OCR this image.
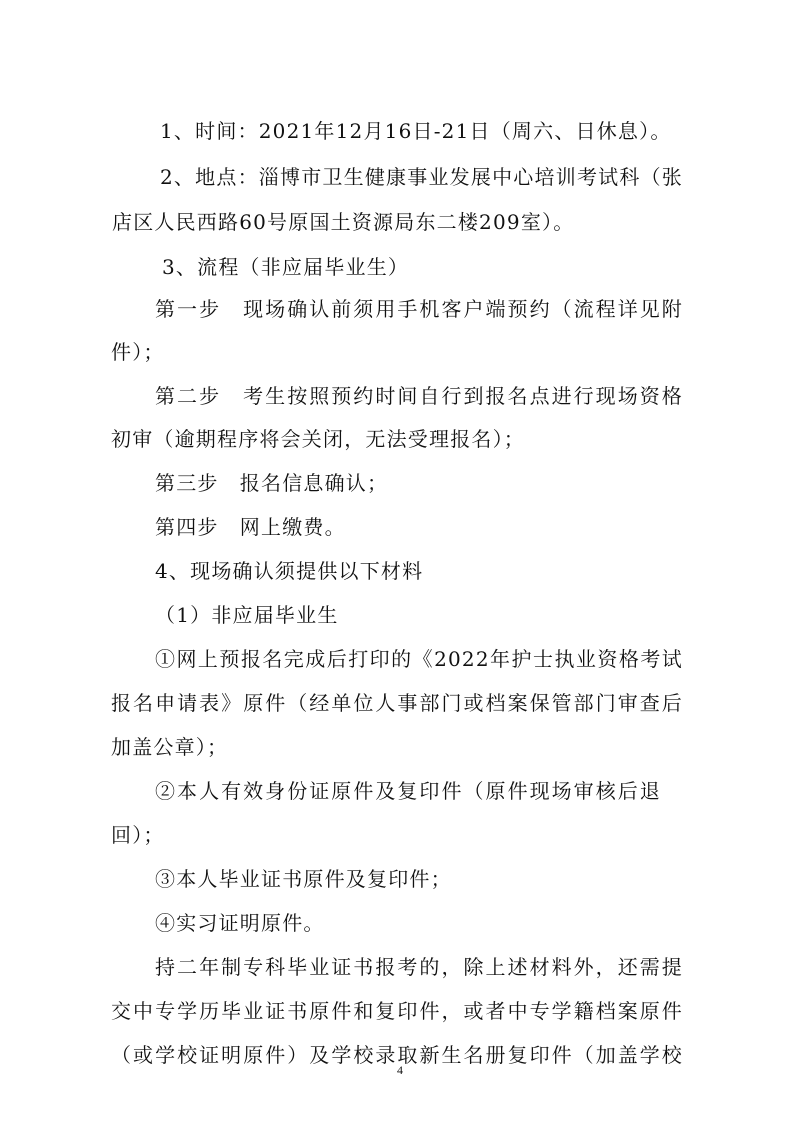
1、时间：2021年12月16日-21日（周六、日休息）。
2、地点：淄博市卫生健康事业发展中心培训考试科（张
店区人民西路60号原国土资源局东二楼209室）。
3、流程（非应届毕业生）
第一步　现场确认前须用手机客户端预约（流程详见附
件）；
第二步　考生按照预约时间自行到报名点进行现场资格
初审（逾期程序将会关闭，无法受理报名）；
第三步　报名信息确认；
第四步　网上缴费。
4、现场确认须提供以下材料
（1）非应届毕业生
①网上预报名完成后打印的《2022年护士执业资格考试
报名申请表》原件（经单位人事部门或档案保管部门审查后
加盖公章）；
②本人有效身份证原件及复印件（原件现场审核后退
回）；
③本人毕业证书原件及复印件；
④实习证明原件。
持二年制专科毕业证书报考的，除上述材料外，还需提
交中专学历毕业证书原件和复印件，或者中专学籍档案原件
（或学校证明原件）及学校录取新生名册复印件（加盖学校
4
